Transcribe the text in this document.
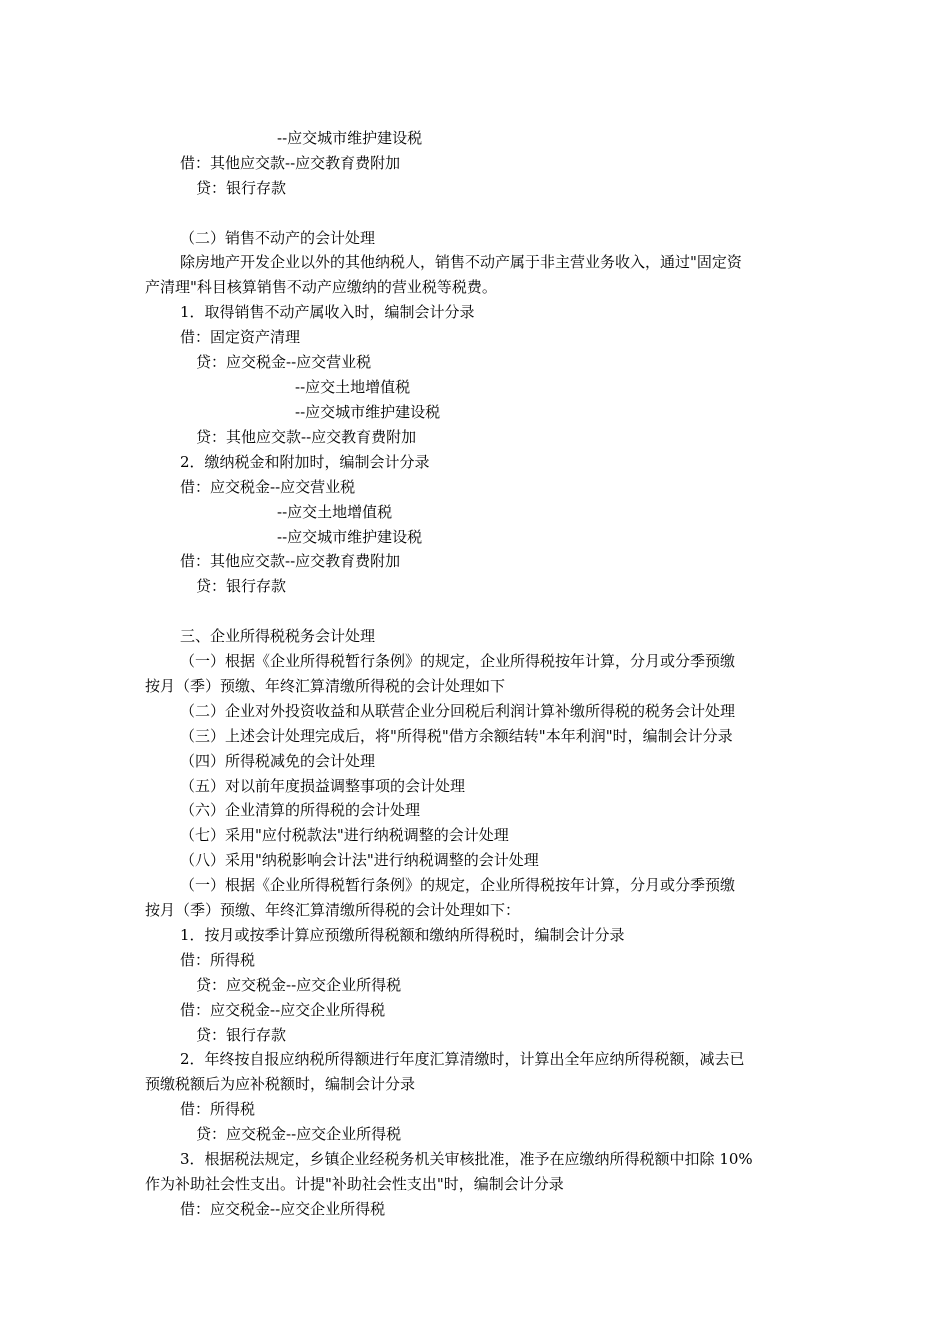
--应交城市维护建设税
借：其他应交款--应交教育费附加
贷：银行存款
（二）销售不动产的会计处理
除房地产开发企业以外的其他纳税人，销售不动产属于非主营业务收入，通过"固定资
产清理"科目核算销售不动产应缴纳的营业税等税费。
1．取得销售不动产属收入时，编制会计分录
借：固定资产清理
贷：应交税金--应交营业税
--应交土地增值税
--应交城市维护建设税
贷：其他应交款--应交教育费附加
2．缴纳税金和附加时，编制会计分录
借：应交税金--应交营业税
--应交土地增值税
--应交城市维护建设税
借：其他应交款--应交教育费附加
贷：银行存款
三、企业所得税税务会计处理
（一）根据《企业所得税暂行条例》的规定，企业所得税按年计算，分月或分季预缴
按月（季）预缴、年终汇算清缴所得税的会计处理如下
（二）企业对外投资收益和从联营企业分回税后利润计算补缴所得税的税务会计处理
（三）上述会计处理完成后，将"所得税"借方余额结转"本年利润"时，编制会计分录
（四）所得税减免的会计处理
（五）对以前年度损益调整事项的会计处理
（六）企业清算的所得税的会计处理
（七）采用"应付税款法"进行纳税调整的会计处理
（八）采用"纳税影响会计法"进行纳税调整的会计处理
（一）根据《企业所得税暂行条例》的规定，企业所得税按年计算，分月或分季预缴
按月（季）预缴、年终汇算清缴所得税的会计处理如下：
1．按月或按季计算应预缴所得税额和缴纳所得税时，编制会计分录
借：所得税
贷：应交税金--应交企业所得税
借：应交税金--应交企业所得税
贷：银行存款
2．年终按自报应纳税所得额进行年度汇算清缴时，计算出全年应纳所得税额，减去已
预缴税额后为应补税额时，编制会计分录
借：所得税
贷：应交税金--应交企业所得税
3．根据税法规定，乡镇企业经税务机关审核批准，准予在应缴纳所得税额中扣除 10%
作为补助社会性支出。计提"补助社会性支出"时，编制会计分录
借：应交税金--应交企业所得税
